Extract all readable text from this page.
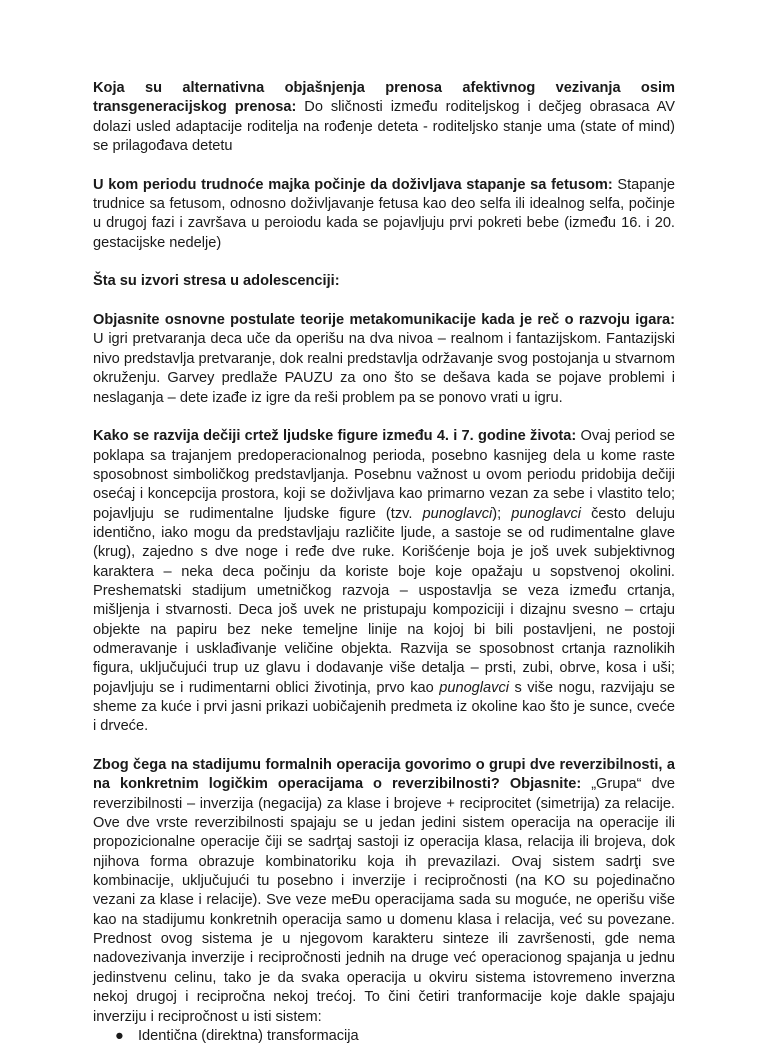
Koja su alternativna objašnjenja prenosa afektivnog vezivanja osim transgeneracijskog prenosa: Do sličnosti između roditeljskog i dečjeg obrasaca AV dolazi usled adaptacije roditelja na rođenje deteta - roditeljsko stanje uma (state of mind) se prilagođava detetu

U kom periodu trudnoće majka počinje da doživljava stapanje sa fetusom: Stapanje trudnice sa fetusom, odnosno doživljavanje fetusa kao deo selfa ili idealnog selfa, počinje u drugoj fazi i završava u peroiodu kada se pojavljuju prvi pokreti bebe (između 16. i 20. gestacijske nedelje)

Šta su izvori stresa u adolescenciji:

Objasnite osnovne postulate teorije metakomunikacije kada je reč o razvoju igara: U igri pretvaranja deca uče da operišu na dva nivoa – realnom i fantazijskom. Fantazijski nivo predstavlja pretvaranje, dok realni predstavlja održavanje svog postojanja u stvarnom okruženju. Garvey predlaže PAUZU za ono što se dešava kada se pojave problemi i neslaganja – dete izađe iz igre da reši problem pa se ponovo vrati u igru.

Kako se razvija dečiji crtež ljudske figure između 4. i 7. godine života: Ovaj period se poklapa sa trajanjem predoperacionalnog perioda, posebno kasnijeg dela u kome raste sposobnost simboličkog predstavljanja. Posebnu važnost u ovom periodu pridobija dečiji osećaj i koncepcija prostora, koji se doživljava kao primarno vezan za sebe i vlastito telo; pojavljuju se rudimentalne ljudske figure (tzv. punoglavci); punoglavci često deluju identično, iako mogu da predstavljaju različite ljude, a sastoje se od rudimentalne glave (krug), zajedno s dve noge i ređe dve ruke. Korišćenje boja je još uvek subjektivnog karaktera – neka deca počinju da koriste boje koje opažaju u sopstvenoj okolini. Preshematski stadijum umetničkog razvoja – uspostavlja se veza između crtanja, mišljenja i stvarnosti. Deca još uvek ne pristupaju kompoziciji i dizajnu svesno – crtaju objekte na papiru bez neke temeljne linije na kojoj bi bili postavljeni, ne postoji odmeravanje i usklađivanje veličine objekta. Razvija se sposobnost crtanja raznolikih figura, uključujući trup uz glavu i dodavanje više detalja – prsti, zubi, obrve, kosa i uši; pojavljuju se i rudimentarni oblici životinja, prvo kao punoglavci s više nogu, razvijaju se sheme za kuće i prvi jasni prikazi uobičajenih predmeta iz okoline kao što je sunce, cveće i drveće.

Zbog čega na stadijumu formalnih operacija govorimo o grupi dve reverzibilnosti, a na konkretnim logičkim operacijama o reverzibilnosti? Objasnite: „Grupa“ dve reverzibilnosti – inverzija (negacija) za klase i brojeve + reciprocitet (simetrija) za relacije. Ove dve vrste reverzibilnosti spajaju se u jedan jedini sistem operacija na operacije ili propozicionalne operacije čiji se sadrţaj sastoji iz operacija klasa, relacija ili brojeva, dok njihova forma obrazuje kombinatoriku koja ih prevazilazi. Ovaj sistem sadrţi sve kombinacije, uključujući tu posebno i inverzije i recipročnosti (na KO su pojedinačno vezani za klase i relacije). Sve veze meĐu operacijama sada su moguće, ne operišu više kao na stadijumu konkretnih operacija samo u domenu klasa i relacija, već su povezane. Prednost ovog sistema je u njegovom karakteru sinteze ili završenosti, gde nema nadovezivanja inverzije i recipročnosti jednih na druge već operacionog spajanja u jednu jedinstvenu celinu, tako je da svaka operacija u okviru sistema istovremeno inverzna nekoj drugoj i recipročna nekoj trećoj. To čini četiri tranformacije koje dakle spajaju inverziju i recipročnost u isti sistem:

● Identična (direktna) transformacija
